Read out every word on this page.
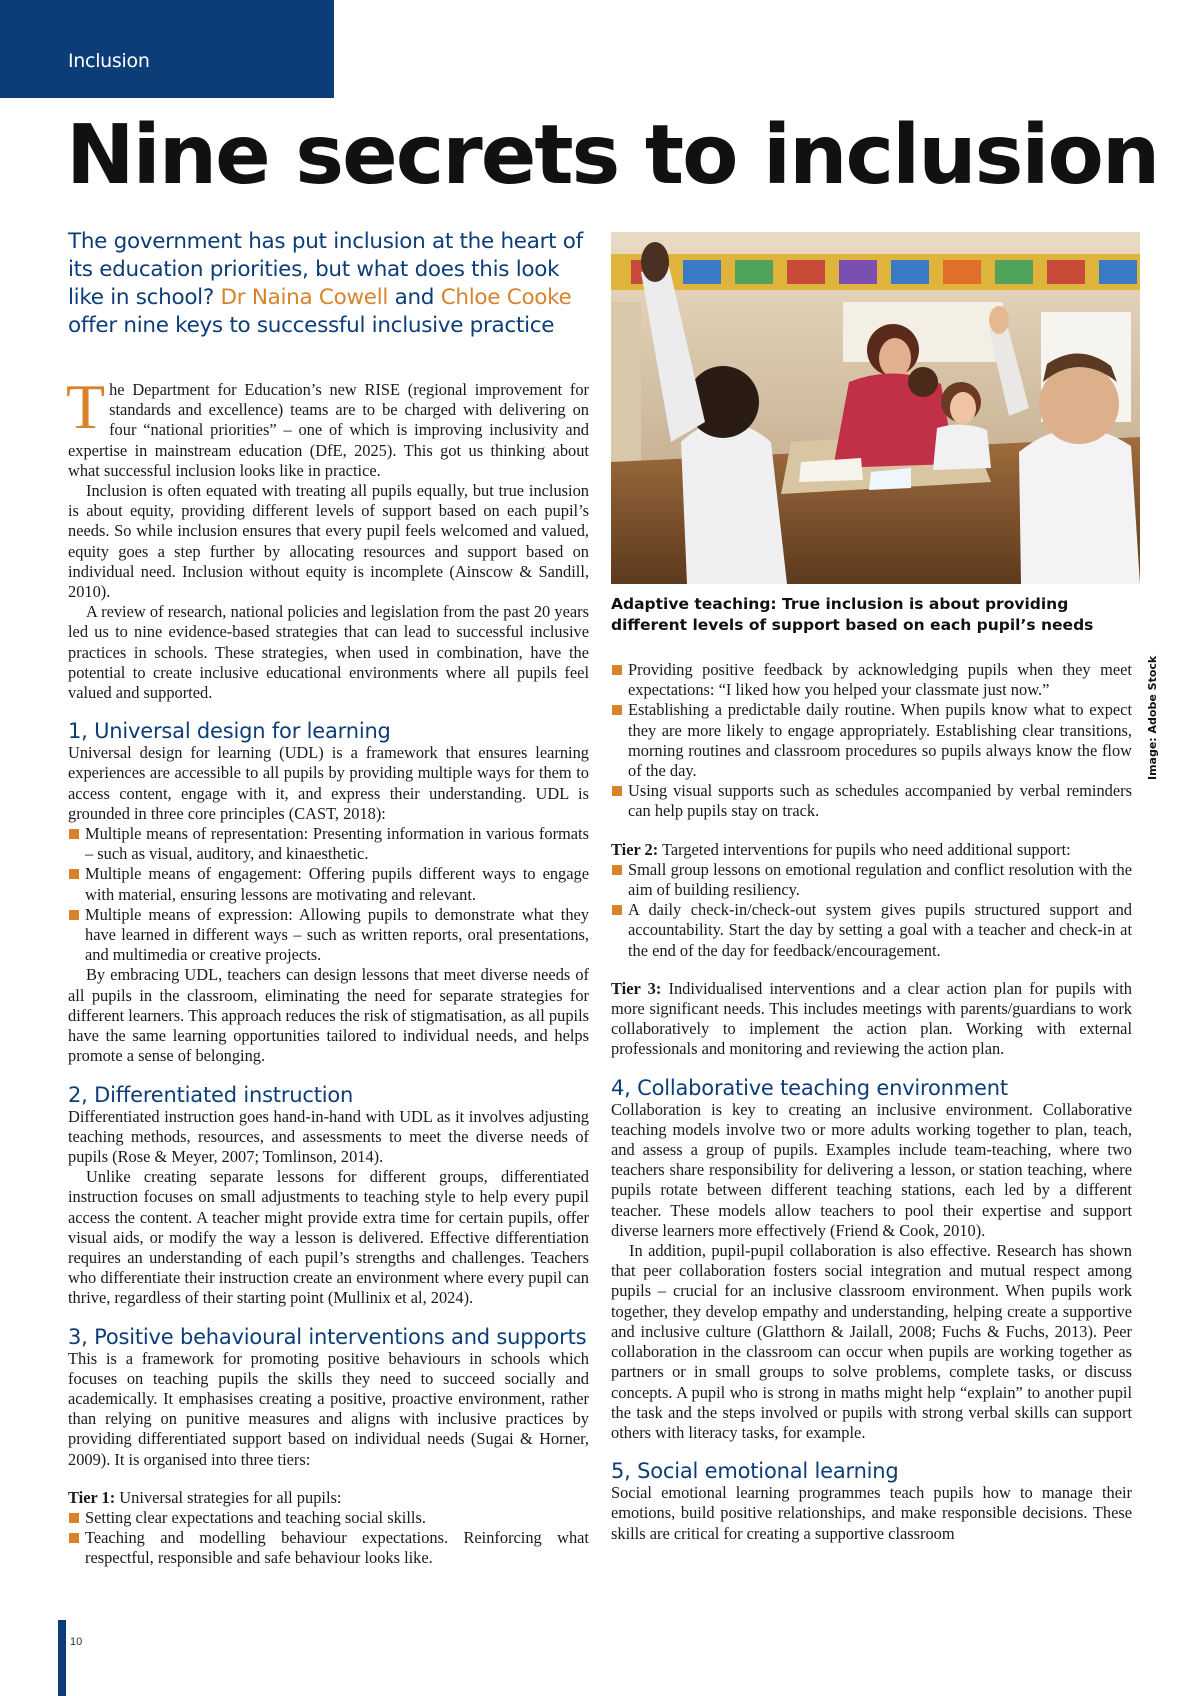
Inclusion
Nine secrets to inclusion

The government has put inclusion at the heart of its education priorities, but what does this look like in school? Dr Naina Cowell and Chloe Cooke offer nine keys to successful inclusive practice

Adaptive teaching: True inclusion is about providing different levels of support based on each pupil’s needs

Image: Adobe Stock

The Department for Education’s new RISE (regional improvement for standards and excellence) teams are to be charged with delivering on four “national priorities” – one of which is improving inclusivity and expertise in mainstream education (DfE, 2025). This got us thinking about what successful inclusion looks like in practice.

Inclusion is often equated with treating all pupils equally, but true inclusion is about equity, providing different levels of support based on each pupil’s needs. So while inclusion ensures that every pupil feels welcomed and valued, equity goes a step further by allocating resources and support based on individual need. Inclusion without equity is incomplete (Ainscow & Sandill, 2010).

A review of research, national policies and legislation from the past 20 years led us to nine evidence-based strategies that can lead to successful inclusive practices in schools. These strategies, when used in combination, have the potential to create inclusive educational environments where all pupils feel valued and supported.

1, Universal design for learning

Universal design for learning (UDL) is a framework that ensures learning experiences are accessible to all pupils by providing multiple ways for them to access content, engage with it, and express their understanding. UDL is grounded in three core principles (CAST, 2018):

Multiple means of representation: Presenting information in various formats – such as visual, auditory, and kinaesthetic.
Multiple means of engagement: Offering pupils different ways to engage with material, ensuring lessons are motivating and relevant.
Multiple means of expression: Allowing pupils to demonstrate what they have learned in different ways – such as written reports, oral presentations, and multimedia or creative projects.

By embracing UDL, teachers can design lessons that meet diverse needs of all pupils in the classroom, eliminating the need for separate strategies for different learners. This approach reduces the risk of stigmatisation, as all pupils have the same learning opportunities tailored to individual needs, and helps promote a sense of belonging.

2, Differentiated instruction

Differentiated instruction goes hand-in-hand with UDL as it involves adjusting teaching methods, resources, and assessments to meet the diverse needs of pupils (Rose & Meyer, 2007; Tomlinson, 2014).

Unlike creating separate lessons for different groups, differentiated instruction focuses on small adjustments to teaching style to help every pupil access the content. A teacher might provide extra time for certain pupils, offer visual aids, or modify the way a lesson is delivered. Effective differentiation requires an understanding of each pupil’s strengths and challenges. Teachers who differentiate their instruction create an environment where every pupil can thrive, regardless of their starting point (Mullinix et al, 2024).

3, Positive behavioural interventions and supports

This is a framework for promoting positive behaviours in schools which focuses on teaching pupils the skills they need to succeed socially and academically. It emphasises creating a positive, proactive environment, rather than relying on punitive measures and aligns with inclusive practices by providing differentiated support based on individual needs (Sugai & Horner, 2009). It is organised into three tiers:

Tier 1: Universal strategies for all pupils:

Setting clear expectations and teaching social skills.
Teaching and modelling behaviour expectations. Reinforcing what respectful, responsible and safe behaviour looks like.
Providing positive feedback by acknowledging pupils when they meet expectations: “I liked how you helped your classmate just now.”
Establishing a predictable daily routine. When pupils know what to expect they are more likely to engage appropriately. Establishing clear transitions, morning routines and classroom procedures so pupils always know the flow of the day.
Using visual supports such as schedules accompanied by verbal reminders can help pupils stay on track.

Tier 2: Targeted interventions for pupils who need additional support:

Small group lessons on emotional regulation and conflict resolution with the aim of building resiliency.
A daily check-in/check-out system gives pupils structured support and accountability. Start the day by setting a goal with a teacher and check-in at the end of the day for feedback/encouragement.

Tier 3: Individualised interventions and a clear action plan for pupils with more significant needs. This includes meetings with parents/guardians to work collaboratively to implement the action plan. Working with external professionals and monitoring and reviewing the action plan.

4, Collaborative teaching environment

Collaboration is key to creating an inclusive environment. Collaborative teaching models involve two or more adults working together to plan, teach, and assess a group of pupils. Examples include team-teaching, where two teachers share responsibility for delivering a lesson, or station teaching, where pupils rotate between different teaching stations, each led by a different teacher. These models allow teachers to pool their expertise and support diverse learners more effectively (Friend & Cook, 2010).

In addition, pupil-pupil collaboration is also effective. Research has shown that peer collaboration fosters social integration and mutual respect among pupils – crucial for an inclusive classroom environment. When pupils work together, they develop empathy and understanding, helping create a supportive and inclusive culture (Glatthorn & Jailall, 2008; Fuchs & Fuchs, 2013). Peer collaboration in the classroom can occur when pupils are working together as partners or in small groups to solve problems, complete tasks, or discuss concepts. A pupil who is strong in maths might help “explain” to another pupil the task and the steps involved or pupils with strong verbal skills can support others with literacy tasks, for example.

5, Social emotional learning

Social emotional learning programmes teach pupils how to manage their emotions, build positive relationships, and make responsible decisions. These skills are critical for creating a supportive classroom

10
